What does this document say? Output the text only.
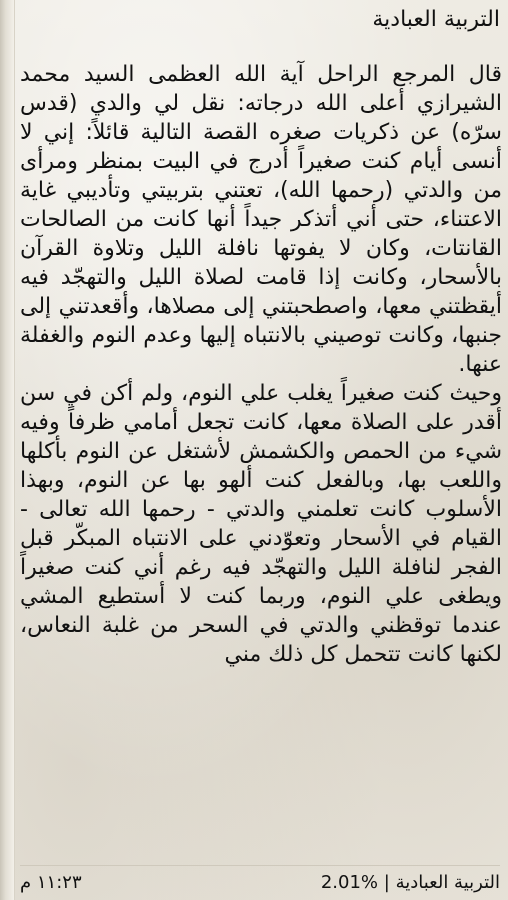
التربية العبادية

قال المرجع الراحل آية الله العظمى السيد محمد الشيرازي أعلى الله درجاته: نقل لي والدي (قدس سرّه) عن ذكريات صغره القصة التالية قائلاً: إني لا أنسى أيام كنت صغيراً أدرج في البيت بمنظر ومرأى من والدتي (رحمها الله)، تعتني بتربيتي وتأديبي غاية الاعتناء، حتى أني أتذكر جيداً أنها كانت من الصالحات القانتات، وكان لا يفوتها نافلة الليل وتلاوة القرآن بالأسحار، وكانت إذا قامت لصلاة الليل والتهجّد فيه أيقظتني معها، واصطحبتني إلى مصلاها، وأقعدتني إلى جنبها، وكانت توصيني بالانتباه إليها وعدم النوم والغفلة عنها.

وحيث كنت صغيراً يغلب علي النوم، ولم أكن في سن أقدر على الصلاة معها، كانت تجعل أمامي ظرفاً وفيه شيء من الحمص والكشمش لأشتغل عن النوم بأكلها واللعب بها، وبالفعل كنت ألهو بها عن النوم، وبهذا الأسلوب كانت تعلمني والدتي - رحمها الله تعالى - القيام في الأسحار وتعوّدني على الانتباه المبكّر قبل الفجر لنافلة الليل والتهجّد فيه رغم أني كنت صغيراً ويطغى علي النوم، وربما كنت لا أستطيع المشي عندما توقظني والدتي في السحر من غلبة النعاس، لكنها كانت تتحمل كل ذلك مني

١١:٢٣ م	التربية العبادية | %2.01
